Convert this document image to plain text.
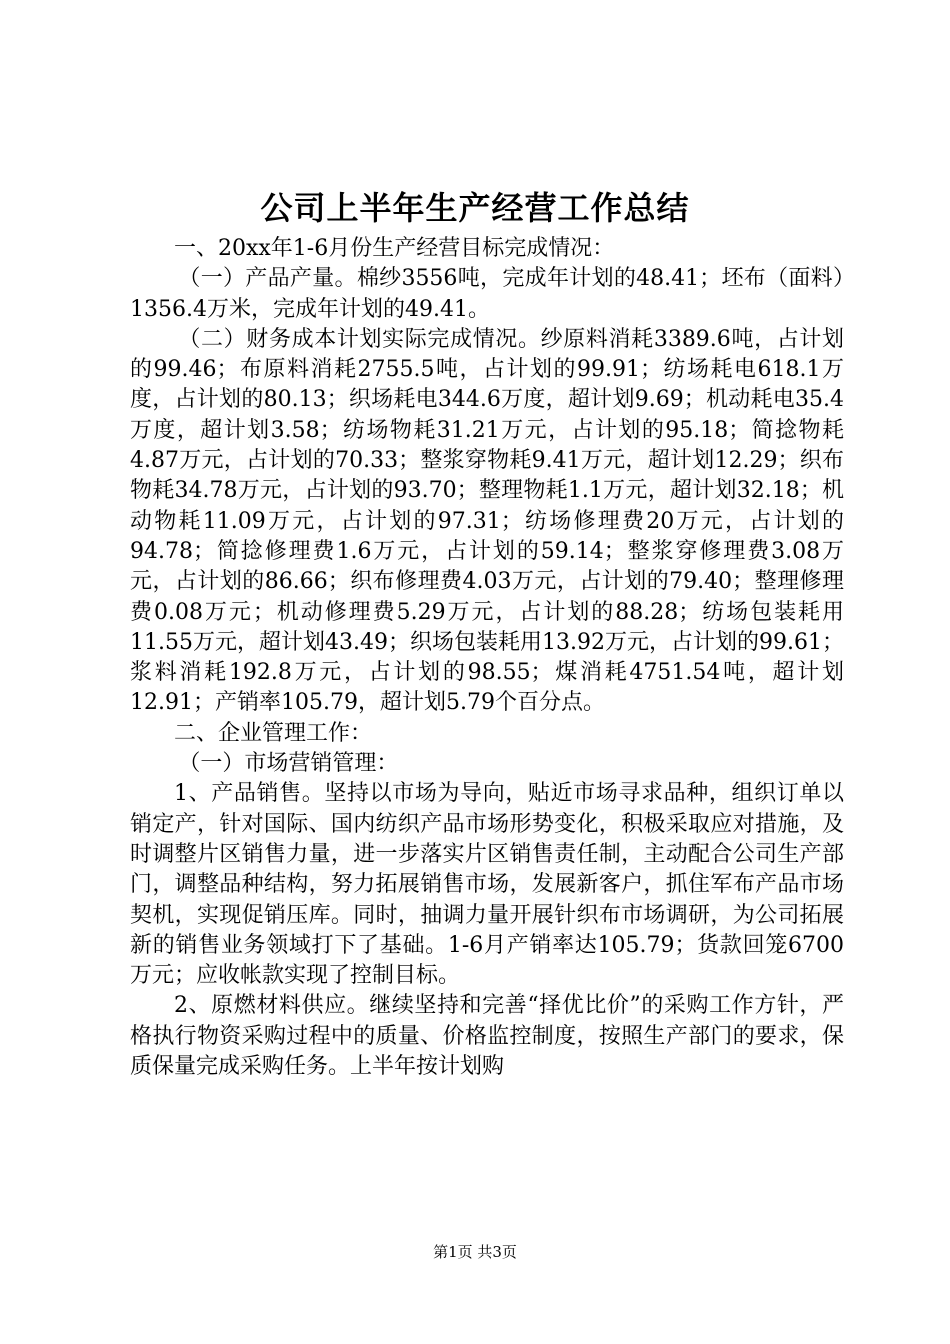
公司上半年生产经营工作总结

一、20xx年1-6月份生产经营目标完成情况：

（一）产品产量。棉纱3556吨，完成年计划的48.41；坯布（面料）1356.4万米，完成年计划的49.41。

（二）财务成本计划实际完成情况。纱原料消耗3389.6吨，占计划的99.46；布原料消耗2755.5吨，占计划的99.91；纺场耗电618.1万度，占计划的80.13；织场耗电344.6万度，超计划9.69；机动耗电35.4万度，超计划3.58；纺场物耗31.21万元，占计划的95.18；简捻物耗4.87万元，占计划的70.33；整浆穿物耗9.41万元，超计划12.29；织布物耗34.78万元，占计划的93.70；整理物耗1.1万元，超计划32.18；机动物耗11.09万元，占计划的97.31；纺场修理费20万元，占计划的94.78；简捻修理费1.6万元，占计划的59.14；整浆穿修理费3.08万元，占计划的86.66；织布修理费4.03万元，占计划的79.40；整理修理费0.08万元；机动修理费5.29万元，占计划的88.28；纺场包装耗用11.55万元，超计划43.49；织场包装耗用13.92万元，占计划的99.61；浆料消耗192.8万元，占计划的98.55；煤消耗4751.54吨，超计划12.91；产销率105.79，超计划5.79个百分点。

二、企业管理工作：

（一）市场营销管理：

1、产品销售。坚持以市场为导向，贴近市场寻求品种，组织订单以销定产，针对国际、国内纺织产品市场形势变化，积极采取应对措施，及时调整片区销售力量，进一步落实片区销售责任制，主动配合公司生产部门，调整品种结构，努力拓展销售市场，发展新客户，抓住军布产品市场契机，实现促销压库。同时，抽调力量开展针织布市场调研，为公司拓展新的销售业务领域打下了基础。1-6月产销率达105.79；货款回笼6700万元；应收帐款实现了控制目标。

2、原燃材料供应。继续坚持和完善“择优比价”的采购工作方针，严格执行物资采购过程中的质量、价格监控制度，按照生产部门的要求，保质保量完成采购任务。上半年按计划购

第1页 共3页
